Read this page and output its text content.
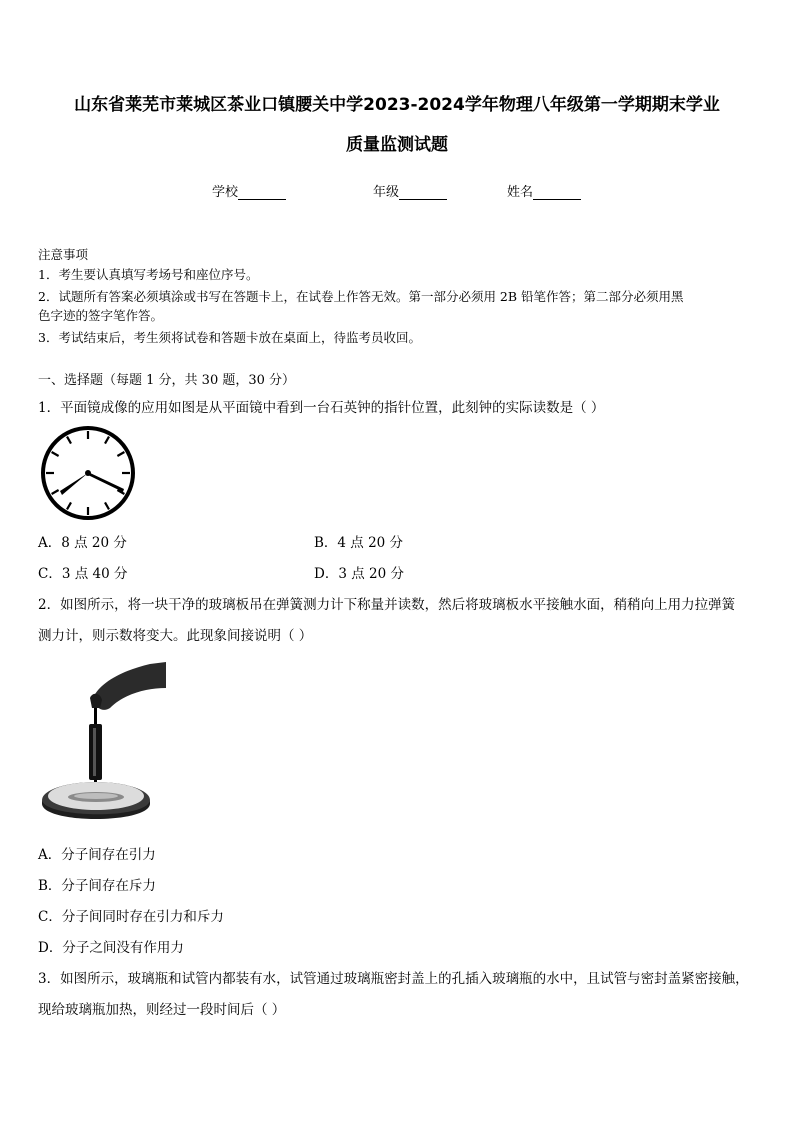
山东省莱芜市莱城区茶业口镇腰关中学2023-2024学年物理八年级第一学期期末学业
质量监测试题
学校	年级	姓名
注意事项
1．考生要认真填写考场号和座位序号。
2．试题所有答案必须填涂或书写在答题卡上，在试卷上作答无效。第一部分必须用 2B 铅笔作答；第二部分必须用黑
色字迹的签字笔作答。
3．考试结束后，考生须将试卷和答题卡放在桌面上，待监考员收回。
一、选择题（每题 1 分，共 30 题，30 分）
1．平面镜成像的应用如图是从平面镜中看到一台石英钟的指针位置，此刻钟的实际读数是（ ）
A．8 点 20 分	B．4 点 20 分
C．3 点 40 分	D．3 点 20 分
2．如图所示，将一块干净的玻璃板吊在弹簧测力计下称量并读数，然后将玻璃板水平接触水面，稍稍向上用力拉弹簧
测力计，则示数将变大。此现象间接说明（ ）
A．分子间存在引力
B．分子间存在斥力
C．分子间同时存在引力和斥力
D．分子之间没有作用力
3．如图所示，玻璃瓶和试管内都装有水，试管通过玻璃瓶密封盖上的孔插入玻璃瓶的水中，且试管与密封盖紧密接触，
现给玻璃瓶加热，则经过一段时间后（ ）
